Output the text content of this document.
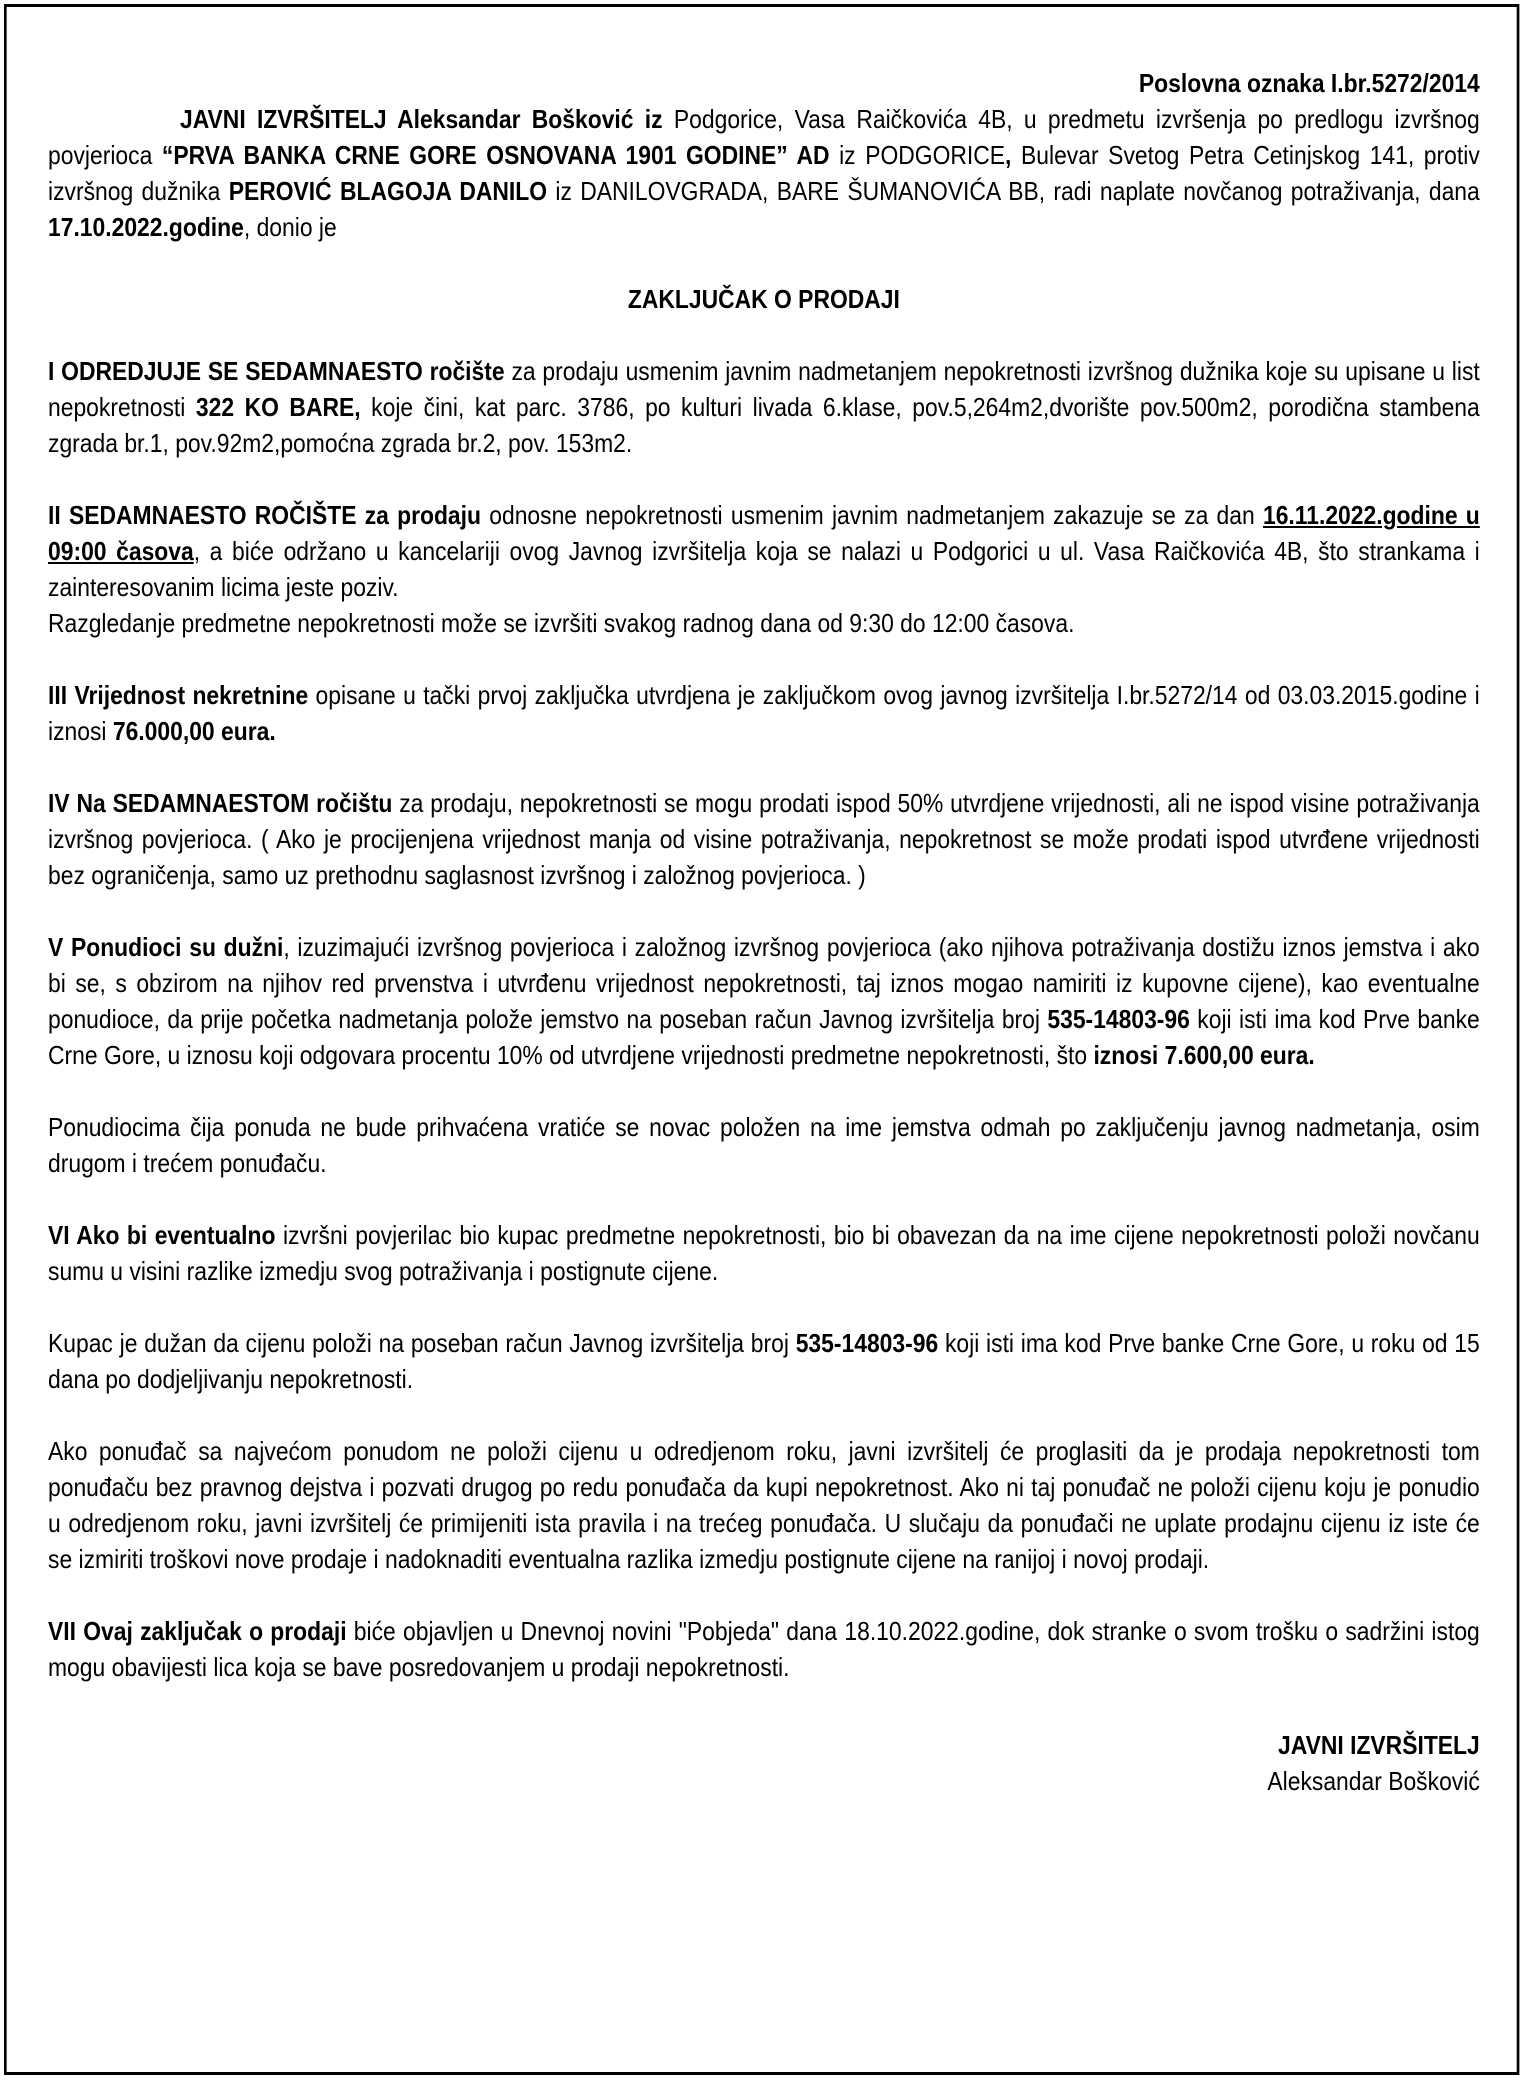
Poslovna oznaka I.br.5272/2014

JAVNI IZVRŠITELJ Aleksandar Bošković iz Podgorice, Vasa Raičkovića 4B, u predmetu izvršenja po predlogu izvršnog povjerioca “PRVA BANKA CRNE GORE OSNOVANA 1901 GODINE” AD iz PODGORICE, Bulevar Svetog Petra Cetinjskog 141, protiv izvršnog dužnika PEROVIĆ BLAGOJA DANILO iz DANILOVGRADA, BARE ŠUMANOVIĆA BB, radi naplate novčanog potraživanja, dana 17.10.2022.godine, donio je

ZAKLJUČAK O PRODAJI

I ODREDJUJE SE SEDAMNAESTO ročište za prodaju usmenim javnim nadmetanjem nepokretnosti izvršnog dužnika koje su upisane u list nepokretnosti 322 KO BARE, koje čini, kat parc. 3786, po kulturi livada 6.klase, pov.5,264m2,dvorište pov.500m2, porodična stambena zgrada br.1, pov.92m2,pomoćna zgrada br.2, pov. 153m2.

II SEDAMNAESTO ROČIŠTE za prodaju odnosne nepokretnosti usmenim javnim nadmetanjem zakazuje se za dan 16.11.2022.godine u 09:00 časova, a biće održano u kancelariji ovog Javnog izvršitelja koja se nalazi u Podgorici u ul. Vasa Raičkovića 4B, što strankama i zainteresovanim licima jeste poziv.

Razgledanje predmetne nepokretnosti može se izvršiti svakog radnog dana od 9:30 do 12:00 časova.

III Vrijednost nekretnine opisane u tački prvoj zaključka utvrdjena je zaključkom ovog javnog izvršitelja I.br.5272/14 od 03.03.2015.godine i iznosi 76.000,00 eura.

IV Na SEDAMNAESTOM ročištu za prodaju, nepokretnosti se mogu prodati ispod 50% utvrdjene vrijednosti, ali ne ispod visine potraživanja izvršnog povjerioca. ( Ako je procijenjena vrijednost manja od visine potraživanja, nepokretnost se može prodati ispod utvrđene vrijednosti bez ograničenja, samo uz prethodnu saglasnost izvršnog i založnog povjerioca. )

V Ponudioci su dužni, izuzimajući izvršnog povjerioca i založnog izvršnog povjerioca (ako njihova potraživanja dostižu iznos jemstva i ako bi se, s obzirom na njihov red prvenstva i utvrđenu vrijednost nepokretnosti, taj iznos mogao namiriti iz kupovne cijene), kao eventualne ponudioce, da prije početka nadmetanja polože jemstvo na poseban račun Javnog izvršitelja broj 535-14803-96 koji isti ima kod Prve banke Crne Gore, u iznosu koji odgovara procentu 10% od utvrdjene vrijednosti predmetne nepokretnosti, što iznosi 7.600,00 eura.

Ponudiocima čija ponuda ne bude prihvaćena vratiće se novac položen na ime jemstva odmah po zaključenju javnog nadmetanja, osim drugom i trećem ponuđaču.

VI Ako bi eventualno izvršni povjerilac bio kupac predmetne nepokretnosti, bio bi obavezan da na ime cijene nepokretnosti položi novčanu sumu u visini razlike izmedju svog potraživanja i postignute cijene.

Kupac je dužan da cijenu položi na poseban račun Javnog izvršitelja broj 535-14803-96 koji isti ima kod Prve banke Crne Gore, u roku od 15 dana po dodjeljivanju nepokretnosti.

Ako ponuđač sa najvećom ponudom ne položi cijenu u odredjenom roku, javni izvršitelj će proglasiti da je prodaja nepokretnosti tom ponuđaču bez pravnog dejstva i pozvati drugog po redu ponuđača da kupi nepokretnost. Ako ni taj ponuđač ne položi cijenu koju je ponudio u odredjenom roku, javni izvršitelj će primijeniti ista pravila i na trećeg ponuđača. U slučaju da ponuđači ne uplate prodajnu cijenu iz iste će se izmiriti troškovi nove prodaje i nadoknaditi eventualna razlika izmedju postignute cijene na ranijoj i novoj prodaji.

VII Ovaj zaključak o prodaji biće objavljen u Dnevnoj novini "Pobjeda" dana 18.10.2022.godine, dok stranke o svom trošku o sadržini istog mogu obavijesti lica koja se bave posredovanjem u prodaji nepokretnosti.

JAVNI IZVRŠITELJ

Aleksandar Bošković
